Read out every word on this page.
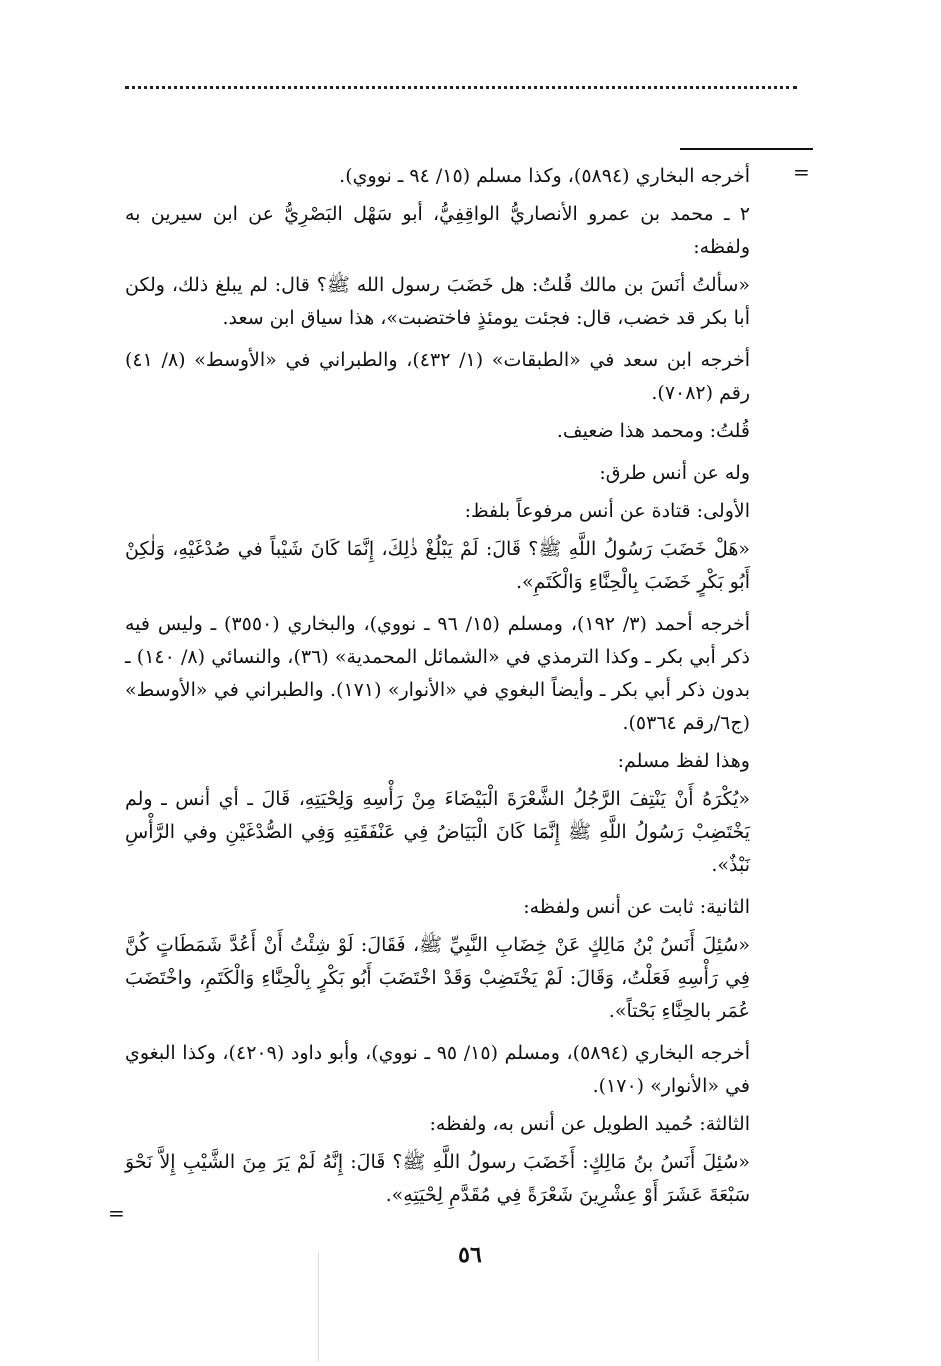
=

أخرجه البخاري (٥٨٩٤)، وكذا مسلم (١٥/ ٩٤ ـ نووي).

٢ ـ محمد بن عمرو الأنصاريُّ الواقِفِيُّ، أبو سَهْل البَصْرِيُّ عن ابن سيرين به ولفظه:

«سألتُ أنَسَ بن مالك قُلتُ: هل خَضَبَ رسول الله ﷺ؟ قال: لم يبلغ ذلك، ولكن أبا بكر قد خضب، قال: فجئت يومئذٍ فاختضبت»، هذا سياق ابن سعد.

أخرجه ابن سعد في «الطبقات» (١/ ٤٣٢)، والطبراني في «الأوسط» (٨/ ٤١) رقم (٧٠٨٢).

قُلتُ: ومحمد هذا ضعيف.

وله عن أنس طرق:

الأولى: قتادة عن أنس مرفوعاً بلفظ:

«هَلْ خَضَبَ رَسُولُ اللَّهِ ﷺ؟ قَالَ: لَمْ يَبْلُغْ ذٰلِكَ، إِنَّمَا كَانَ شَيْباً في صُدْغَيْهِ، وَلٰكِنْ أَبُو بَكْرٍ خَضَبَ بِالْحِنَّاءِ وَالْكَتَمِ».

أخرجه أحمد (٣/ ١٩٢)، ومسلم (١٥/ ٩٦ ـ نووي)، والبخاري (٣٥٥٠) ـ وليس فيه ذكر أبي بكر ـ وكذا الترمذي في «الشمائل المحمدية» (٣٦)، والنسائي (٨/ ١٤٠) ـ بدون ذكر أبي بكر ـ وأيضاً البغوي في «الأنوار» (١٧١). والطبراني في «الأوسط» (ج٦/رقم ٥٣٦٤).

وهذا لفظ مسلم:

«يُكْرَهُ أَنْ يَنْتِفَ الرَّجُلُ الشَّعْرَةَ الْبَيْضَاءَ مِنْ رَأْسِهِ وَلِحْيَتِهِ، قَالَ ـ أي أنس ـ ولم يَخْتَضِبْ رَسُولُ اللَّهِ ﷺ إِنَّمَا كَانَ الْبَيَاضُ فِي عَنْفَقَتِهِ وَفِي الصُّدْغَيْنِ وفي الرَّأْسِ نَبْذٌ».

الثانية: ثابت عن أنس ولفظه:

«سُئِلَ أَنَسُ بْنُ مَالِكٍ عَنْ خِضَابِ النَّبِيِّ ﷺ، فَقَالَ: لَوْ شِئْتُ أَنْ أَعُدَّ شَمَطَاتٍ كُنَّ فِي رَأْسِهِ فَعَلْتُ، وَقَالَ: لَمْ يَخْتَضِبْ وَقَدْ اخْتَضَبَ أَبُو بَكْرٍ بِالْحِنَّاءِ وَالْكَتَمِ، واخْتَضَبَ عُمَر بالحِنَّاءِ بَحْتاً».

أخرجه البخاري (٥٨٩٤)، ومسلم (١٥/ ٩٥ ـ نووي)، وأبو داود (٤٢٠٩)، وكذا البغوي في «الأنوار» (١٧٠).

الثالثة: حُميد الطويل عن أنس به، ولفظه:

«سُئِلَ أَنَسُ بنُ مَالِكٍ: أَخَضَبَ رسولُ اللَّهِ ﷺ؟ قَالَ: إِنَّهُ لَمْ يَرَ مِنَ الشَّيْبِ إِلاَّ نَحْوَ سَبْعَةَ عَشَرَ أَوْ عِشْرِينَ شَعْرَةً فِي مُقَدَّمِ لِحْيَتِهِ».

=
٥٦
